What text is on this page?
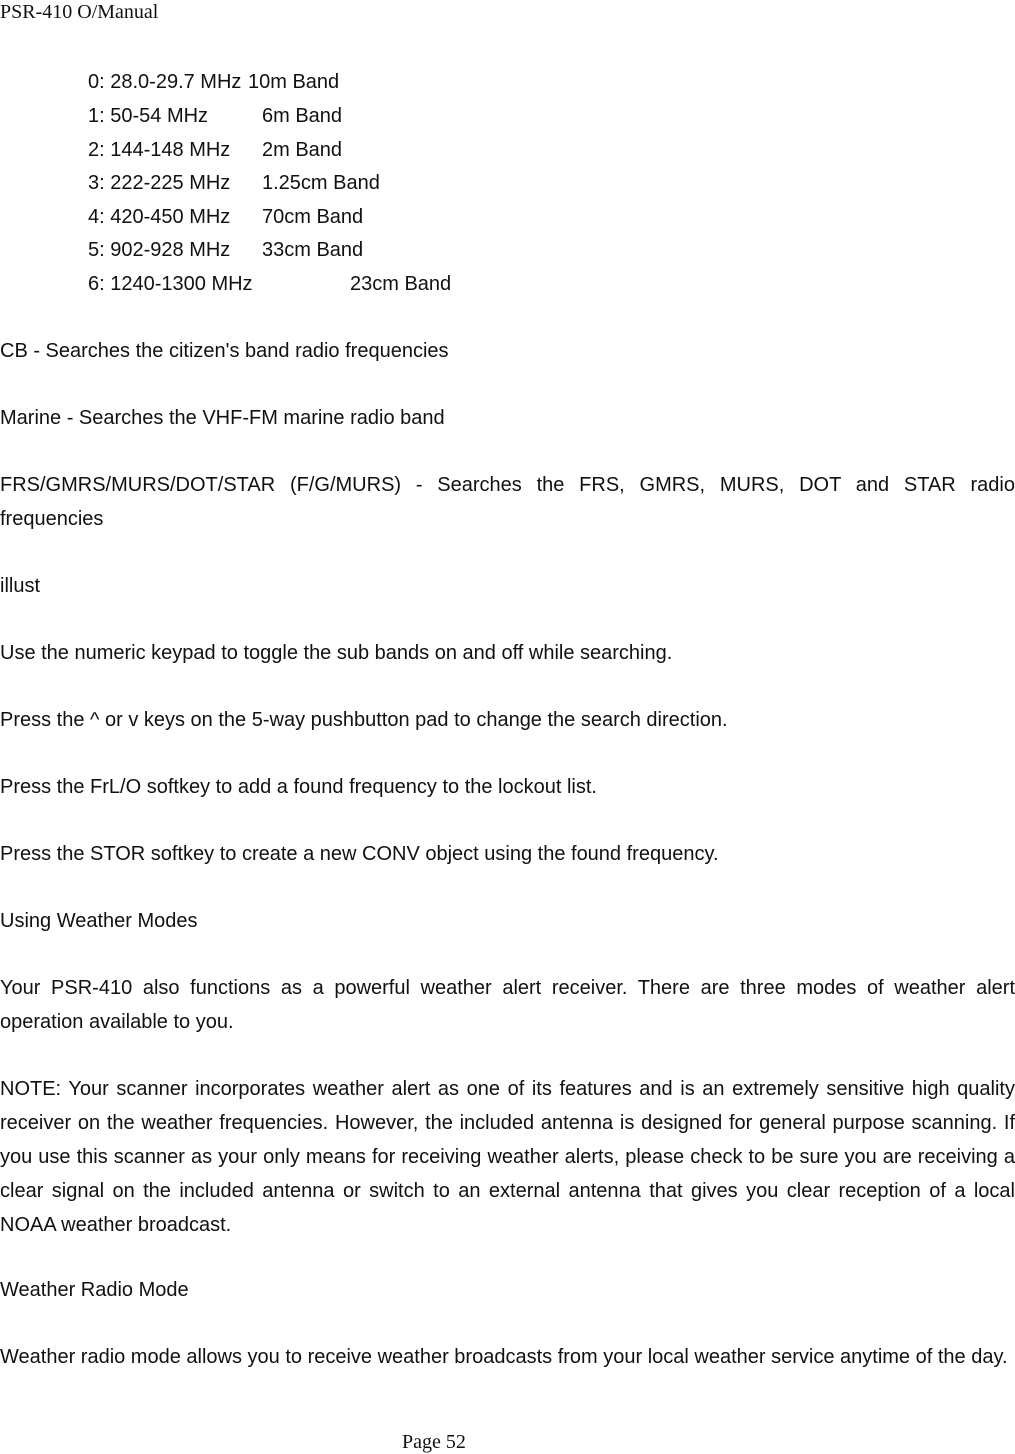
PSR-410 O/Manual
0: 28.0-29.7 MHz 10m Band
1: 50-54 MHz	6m Band
2: 144-148 MHz 2m Band
3: 222-225 MHz 1.25cm Band
4: 420-450 MHz 70cm Band
5: 902-928 MHz 33cm Band
6: 1240-1300 MHz	23cm Band
CB - Searches the citizen's band radio frequencies
Marine - Searches the VHF-FM marine radio band
FRS/GMRS/MURS/DOT/STAR (F/G/MURS) - Searches the FRS, GMRS, MURS, DOT and STAR radio frequencies
illust
Use the numeric keypad to toggle the sub bands on and off while searching.
Press the ^ or v keys on the 5-way pushbutton pad to change the search direction.
Press the FrL/O softkey to add a found frequency to the lockout list.
Press the STOR softkey to create a new CONV object using the found frequency.
Using Weather Modes
Your PSR-410 also functions as a powerful weather alert receiver. There are three modes of weather alert operation available to you.
NOTE: Your scanner incorporates weather alert as one of its features and is an extremely sensitive high quality receiver on the weather frequencies. However, the included antenna is designed for general purpose scanning. If you use this scanner as your only means for receiving weather alerts, please check to be sure you are receiving a clear signal on the included antenna or switch to an external antenna that gives you clear reception of a local NOAA weather broadcast.
Weather Radio Mode
Weather radio mode allows you to receive weather broadcasts from your local weather service anytime of the day.
Page 52
